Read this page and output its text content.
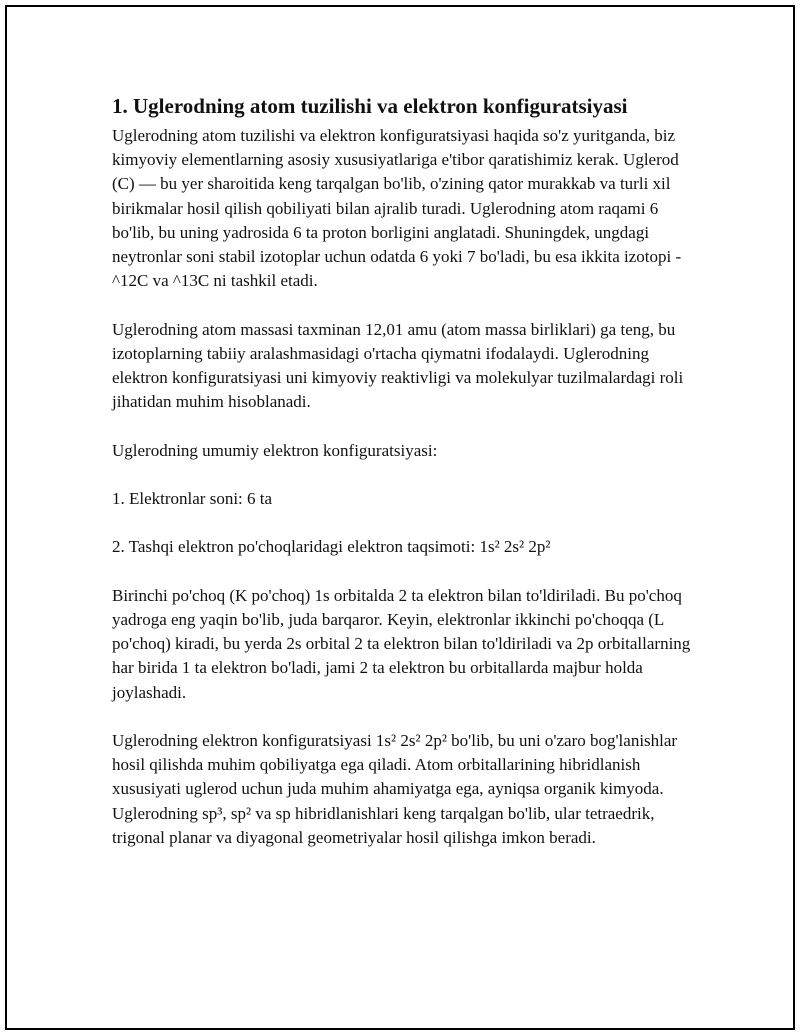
1. Uglerodning atom tuzilishi va elektron konfiguratsiyasi

Uglerodning atom tuzilishi va elektron konfiguratsiyasi haqida so'z yuritganda, biz kimyoviy elementlarning asosiy xususiyatlariga e'tibor qaratishimiz kerak. Uglerod (C) — bu yer sharoitida keng tarqalgan bo'lib, o'zining qator murakkab va turli xil birikmalar hosil qilish qobiliyati bilan ajralib turadi. Uglerodning atom raqami 6 bo'lib, bu uning yadrosida 6 ta proton borligini anglatadi. Shuningdek, ungdagi neytronlar soni stabil izotoplar uchun odatda 6 yoki 7 bo'ladi, bu esa ikkita izotopi - ^12C va ^13C ni tashkil etadi.

Uglerodning atom massasi taxminan 12,01 amu (atom massa birliklari) ga teng, bu izotoplarning tabiiy aralashmasidagi o'rtacha qiymatni ifodalaydi. Uglerodning elektron konfiguratsiyasi uni kimyoviy reaktivligi va molekulyar tuzilmalardagi roli jihatidan muhim hisoblanadi.

Uglerodning umumiy elektron konfiguratsiyasi:

1. Elektronlar soni: 6 ta

2. Tashqi elektron po'choqlaridagi elektron taqsimoti: 1s² 2s² 2p²

Birinchi po'choq (K po'choq) 1s orbitalda 2 ta elektron bilan to'ldiriladi. Bu po'choq yadroga eng yaqin bo'lib, juda barqaror. Keyin, elektronlar ikkinchi po'choqqa (L po'choq) kiradi, bu yerda 2s orbital 2 ta elektron bilan to'ldiriladi va 2p orbitallarning har birida 1 ta elektron bo'ladi, jami 2 ta elektron bu orbitallarda majbur holda joylashadi.

Uglerodning elektron konfiguratsiyasi 1s² 2s² 2p² bo'lib, bu uni o'zaro bog'lanishlar hosil qilishda muhim qobiliyatga ega qiladi. Atom orbitallarining hibridlanish xususiyati uglerod uchun juda muhim ahamiyatga ega, ayniqsa organik kimyoda. Uglerodning sp³, sp² va sp hibridlanishlari keng tarqalgan bo'lib, ular tetraedrik, trigonal planar va diyagonal geometriyalar hosil qilishga imkon beradi.
